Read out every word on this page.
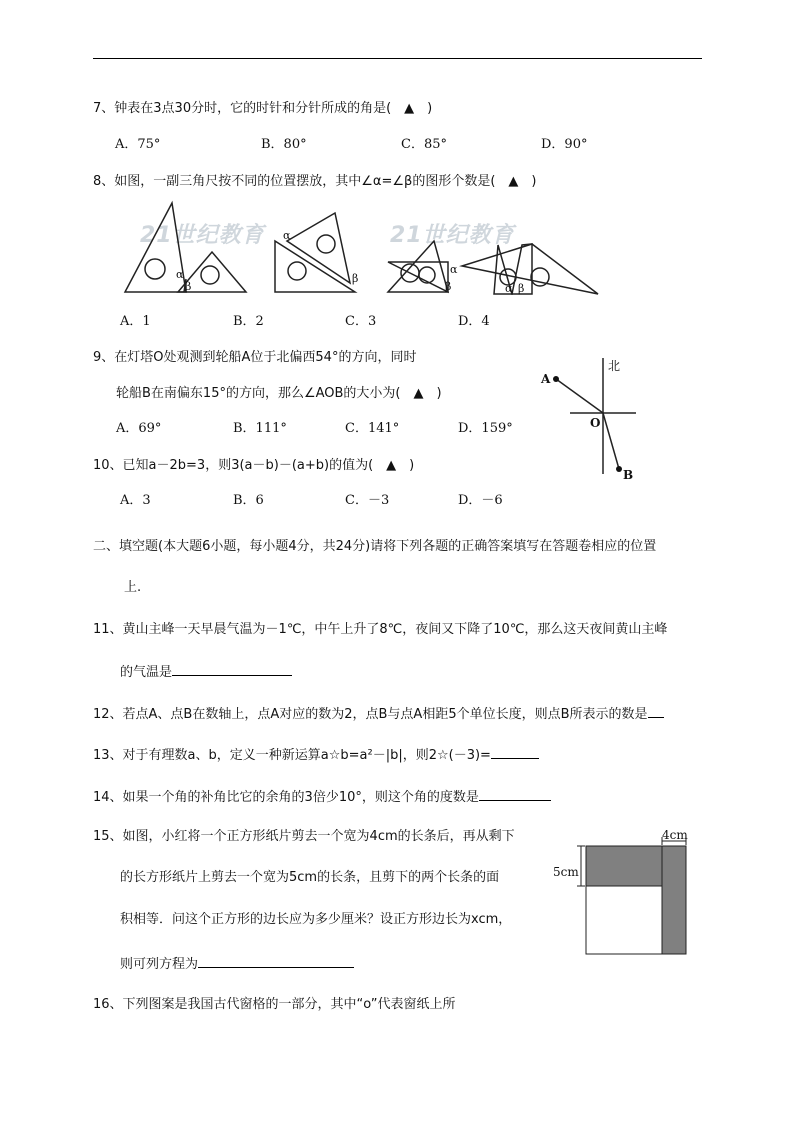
7、钟表在3点30分时，它的时针和分针所成的角是(　▲　)
A．75°	B．80°	C．85°	D．90°
8、如图，一副三角尺按不同的位置摆放，其中∠α=∠β的图形个数是(　▲　)
21世纪教育	21世纪教育
α
β
α
β
α
β	α β
A．1	B．2	C．3	D．4
9、在灯塔O处观测到轮船A位于北偏西54°的方向，同时
轮船B在南偏东15°的方向，那么∠AOB的大小为(　▲　)
A．69°	B．111°	C．141°	D．159°
北
A
O
B
10、已知a－2b=3，则3(a－b)－(a+b)的值为(　▲　)
A．3	B．6	C．－3	D．－6
二、填空题(本大题6小题，每小题4分，共24分)请将下列各题的正确答案填写在答题卷相应的位置
上.
11、黄山主峰一天早晨气温为－1℃，中午上升了8℃，夜间又下降了10℃，那么这天夜间黄山主峰
的气温是
12、若点A、点B在数轴上，点A对应的数为2，点B与点A相距5个单位长度，则点B所表示的数是
13、对于有理数a、b，定义一种新运算a☆b=a²－|b|，则2☆(－3)=
14、如果一个角的补角比它的余角的3倍少10°，则这个角的度数是
15、如图，小红将一个正方形纸片剪去一个宽为4cm的长条后，再从剩下
的长方形纸片上剪去一个宽为5cm的长条，且剪下的两个长条的面
积相等．问这个正方形的边长应为多少厘米？设正方形边长为xcm，
则可列方程为
4cm
5cm
16、下列图案是我国古代窗格的一部分，其中“o”代表窗纸上所
